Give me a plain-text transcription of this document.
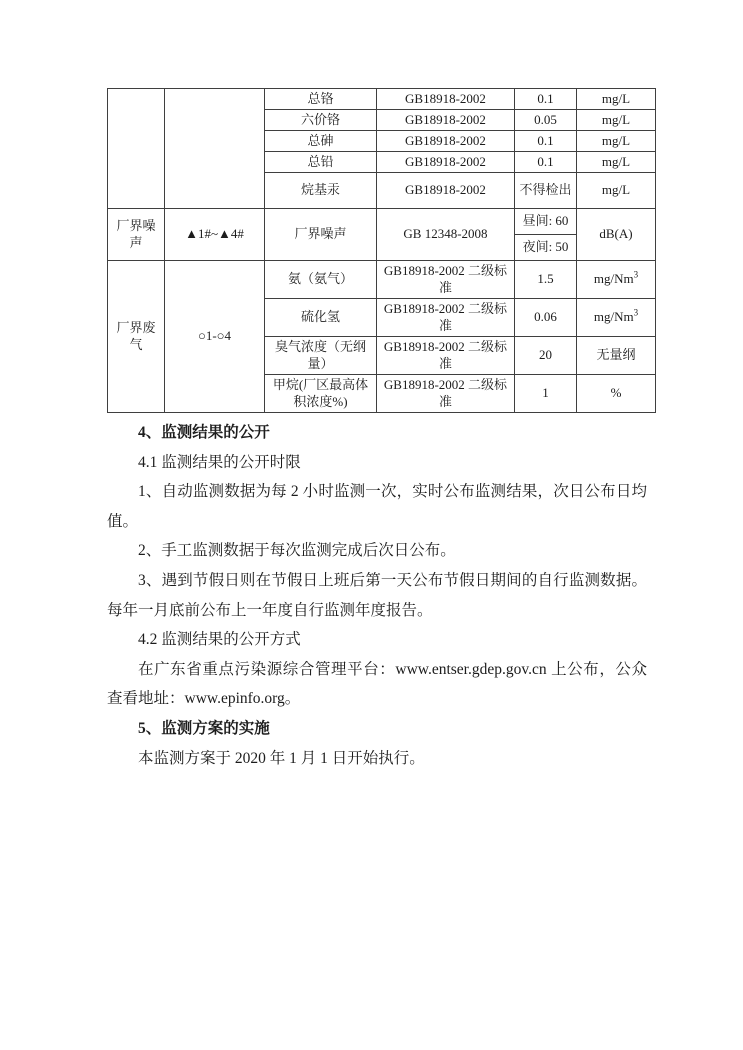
		总铬	GB18918-2002	0.1	mg/L
		六价铬	GB18918-2002	0.05	mg/L
		总砷	GB18918-2002	0.1	mg/L
		总铅	GB18918-2002	0.1	mg/L
		烷基汞	GB18918-2002	不得检出	mg/L
厂界噪声	▲1#~▲4#	厂界噪声	GB 12348-2008	昼间: 60	dB(A)
				夜间: 50	
厂界废气	○1-○4	氨（氨气）	GB18918-2002 二级标准	1.5	mg/Nm$^3$
		硫化氢	GB18918-2002 二级标准	0.06	mg/Nm$^3$
		臭气浓度（无纲量）	GB18918-2002 二级标准	20	无量纲
		甲烷(厂区最高体积浓度%)	GB18918-2002 二级标准	1	%

4、监测结果的公开

4.1 监测结果的公开时限

1、自动监测数据为每 2 小时监测一次，实时公布监测结果，次日公布日均值。

2、手工监测数据于每次监测完成后次日公布。

3、遇到节假日则在节假日上班后第一天公布节假日期间的自行监测数据。每年一月底前公布上一年度自行监测年度报告。

4.2 监测结果的公开方式

在广东省重点污染源综合管理平台：www.entser.gdep.gov.cn 上公布，公众查看地址：www.epinfo.org。

5、监测方案的实施

本监测方案于 2020 年 1 月 1 日开始执行。
